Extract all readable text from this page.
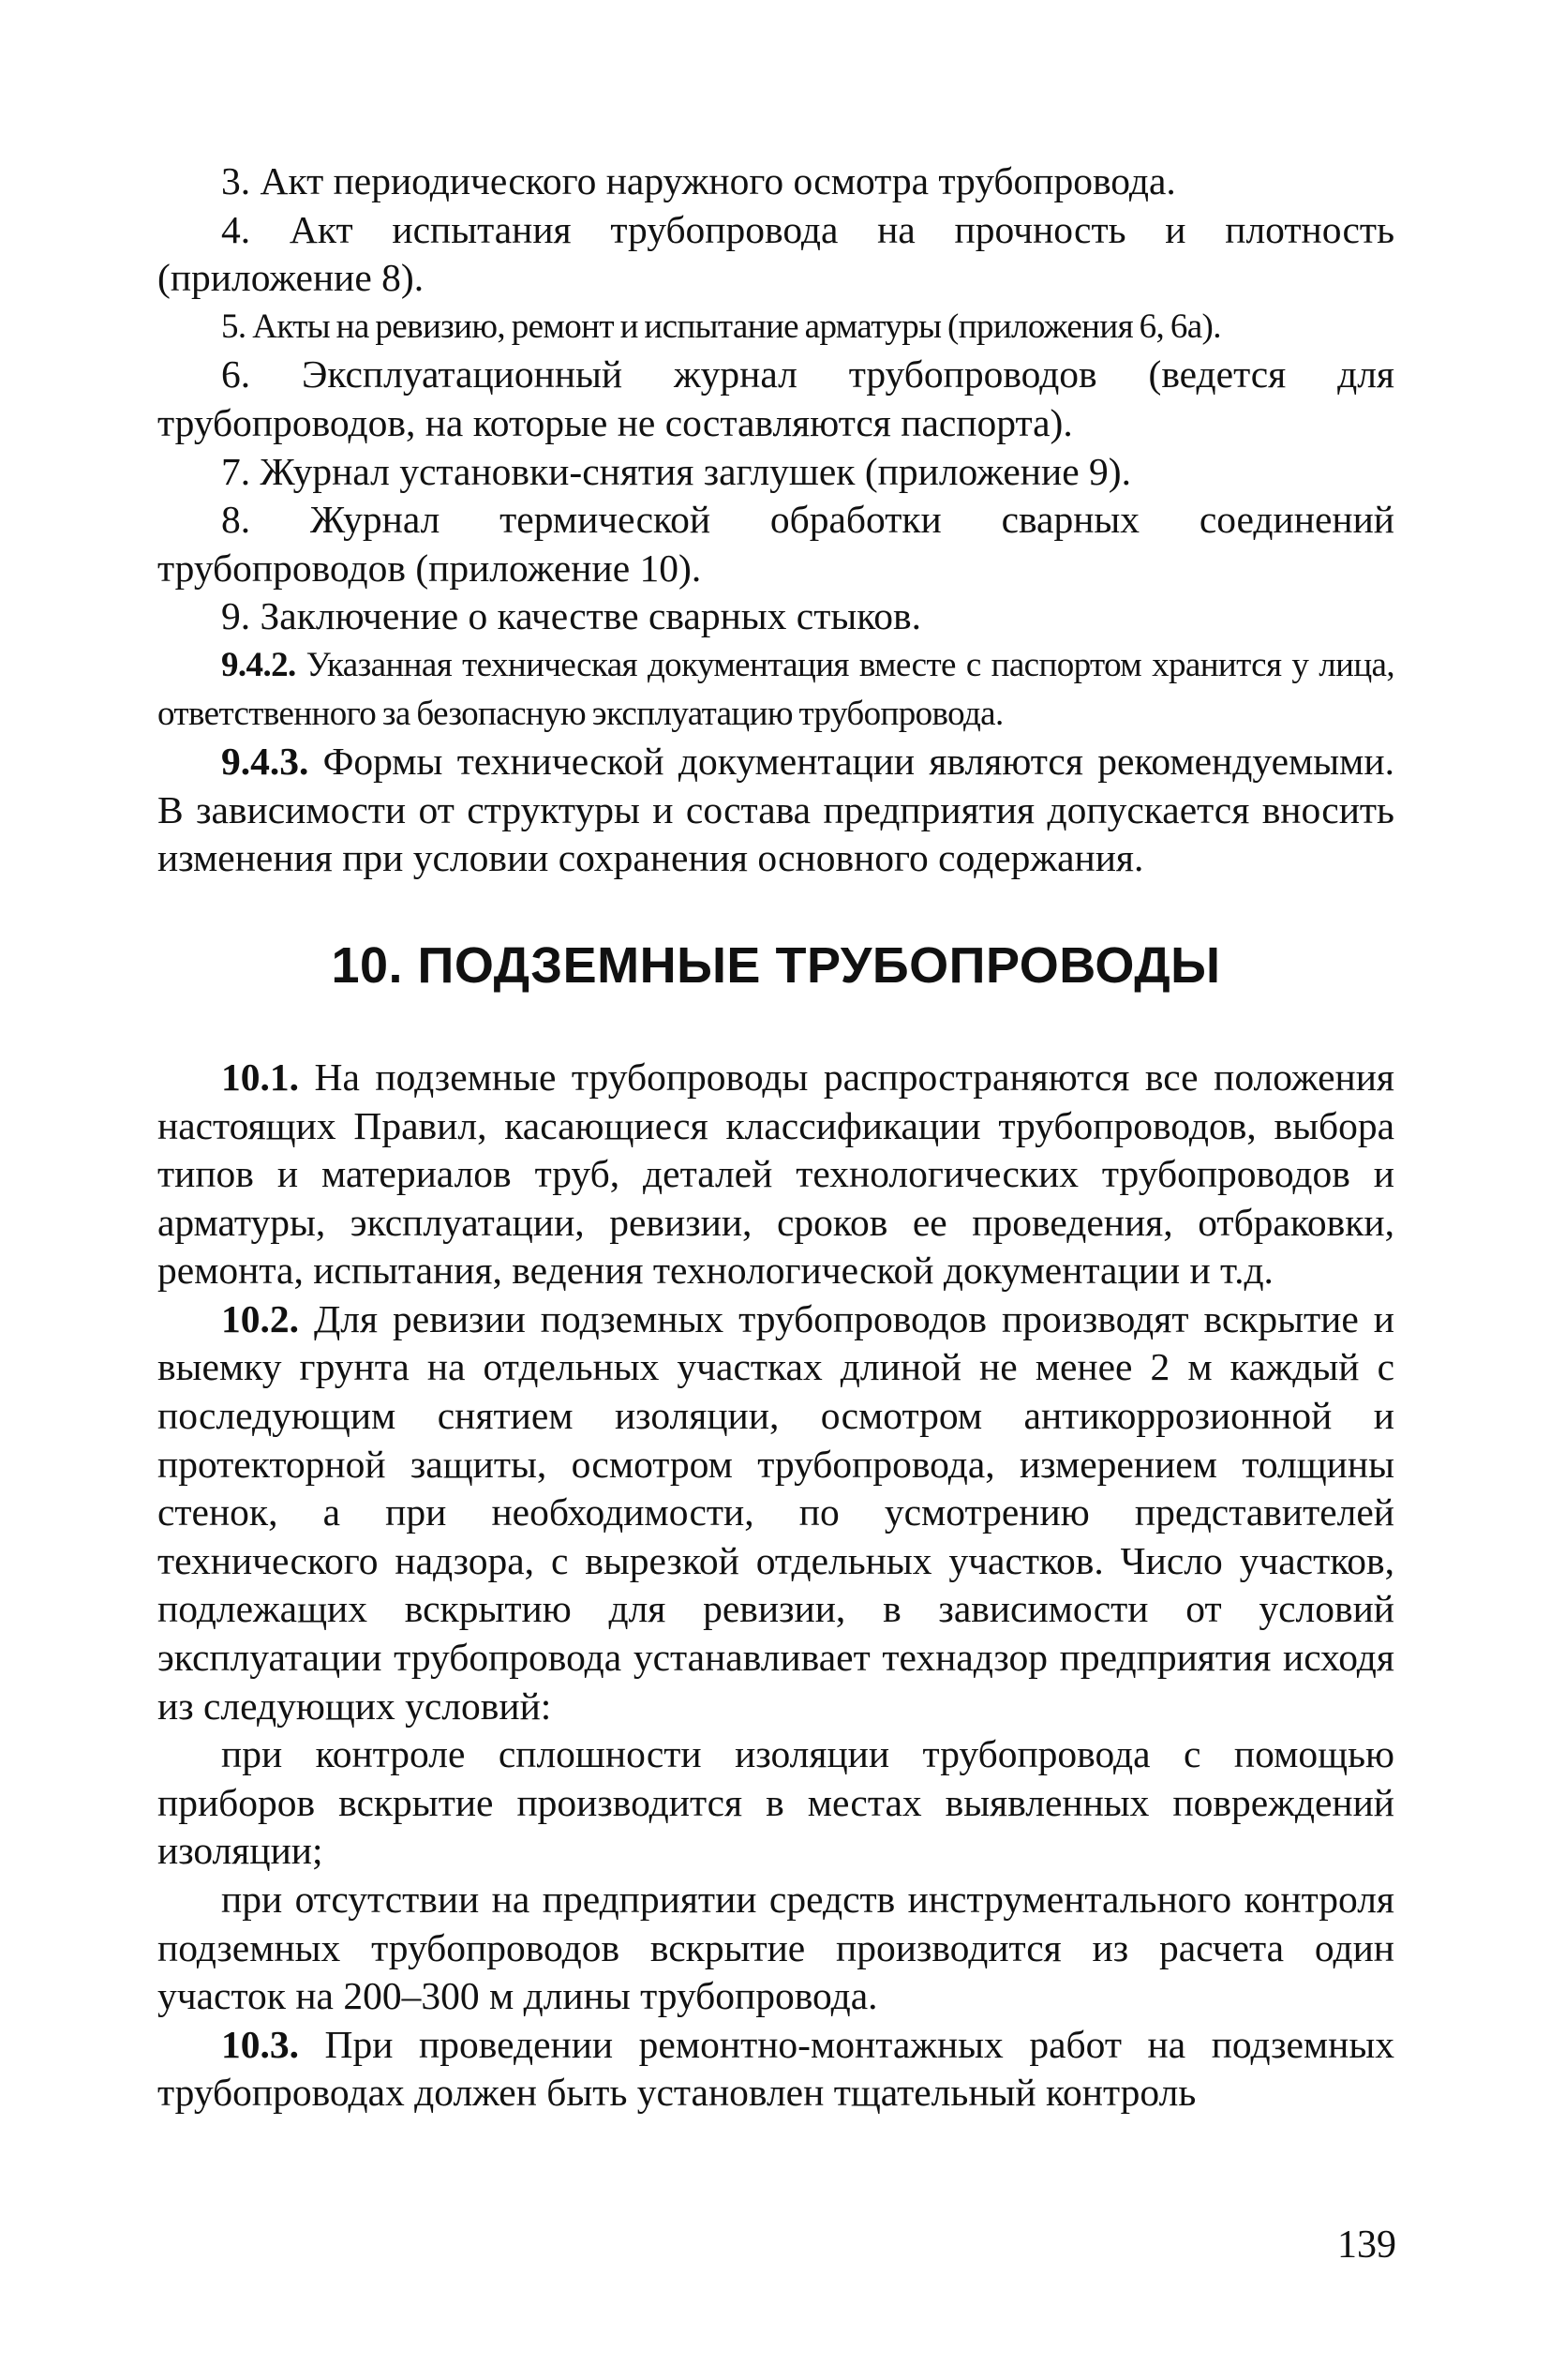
3. Акт периодического наружного осмотра трубопровода.

4. Акт испытания трубопровода на прочность и плотность (приложение 8).

5. Акты на ревизию, ремонт и испытание арматуры (приложения 6, 6а).

6. Эксплуатационный журнал трубопроводов (ведется для трубопроводов, на которые не составляются паспорта).

7. Журнал установки-снятия заглушек (приложение 9).

8. Журнал термической обработки сварных соединений трубопроводов (приложение 10).

9. Заключение о качестве сварных стыков.

9.4.2. Указанная техническая документация вместе с паспортом хранится у лица, ответственного за безопасную эксплуатацию трубопровода.

9.4.3. Формы технической документации являются рекомендуемыми. В зависимости от структуры и состава предприятия допускается вносить изменения при условии сохранения основного содержания.

10. ПОДЗЕМНЫЕ ТРУБОПРОВОДЫ

10.1. На подземные трубопроводы распространяются все положения настоящих Правил, касающиеся классификации трубопроводов, выбора типов и материалов труб, деталей технологических трубопроводов и арматуры, эксплуатации, ревизии, сроков ее проведения, отбраковки, ремонта, испытания, ведения технологической документации и т.д.

10.2. Для ревизии подземных трубопроводов производят вскрытие и выемку грунта на отдельных участках длиной не менее 2 м каждый с последующим снятием изоляции, осмотром антикоррозионной и протекторной защиты, осмотром трубопровода, измерением толщины стенок, а при необходимости, по усмотрению представителей технического надзора, с вырезкой отдельных участков. Число участков, подлежащих вскрытию для ревизии, в зависимости от условий эксплуатации трубопровода устанавливает технадзор предприятия исходя из следующих условий:

при контроле сплошности изоляции трубопровода с помощью приборов вскрытие производится в местах выявленных повреждений изоляции;

при отсутствии на предприятии средств инструментального контроля подземных трубопроводов вскрытие производится из расчета один участок на 200–300 м длины трубопровода.

10.3. При проведении ремонтно-монтажных работ на подземных трубопроводах должен быть установлен тщательный контроль

139
